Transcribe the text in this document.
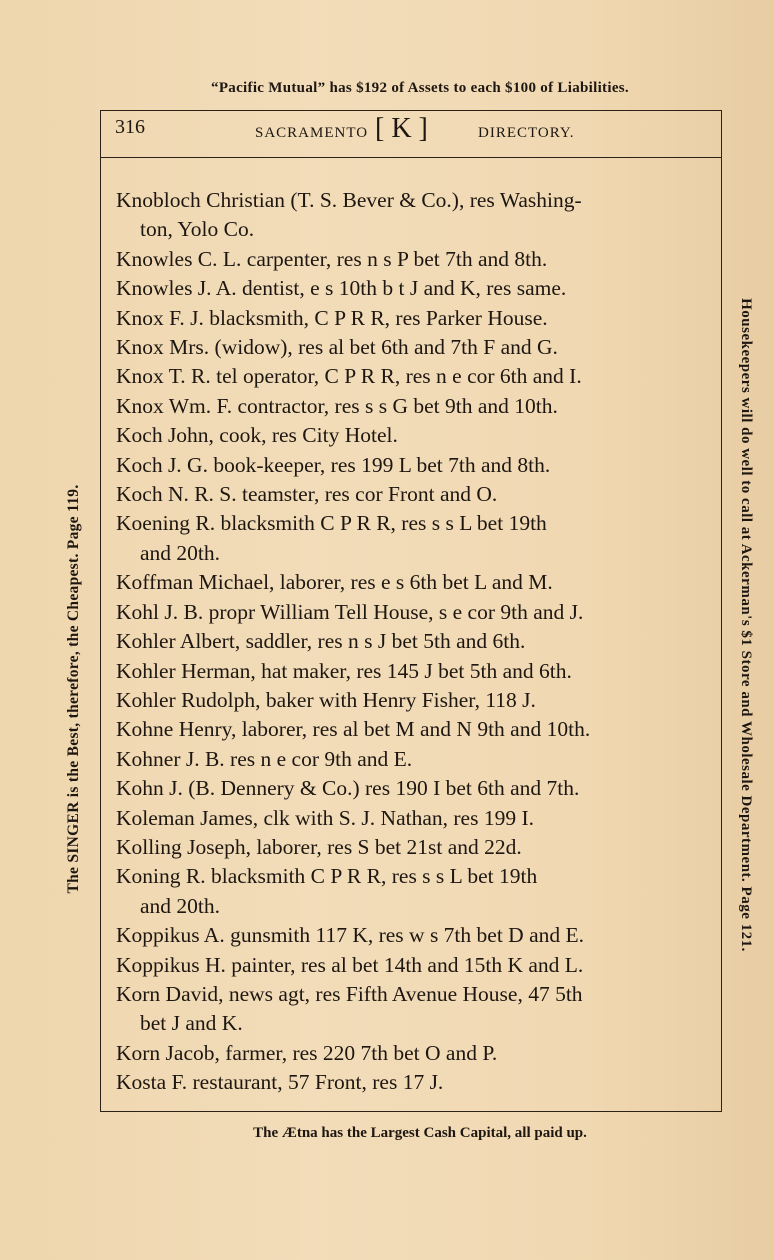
“Pacific Mutual” has $192 of Assets to each $100 of Liabilities.
The SINGER is the Best, therefore, the Cheapest. Page 119.	Housekeepers will do well to call at Ackerman's $1 Store and Wholesale Department. Page 121.
316	SACRAMENTO [ K ]	DIRECTORY.
Knobloch Christian (T. S. Bever & Co.), res Washing-
ton, Yolo Co.
Knowles C. L. carpenter, res n s P bet 7th and 8th.
Knowles J. A. dentist, e s 10th b t J and K, res same.
Knox F. J. blacksmith, C P R R, res Parker House.
Knox Mrs. (widow), res al bet 6th and 7th F and G.
Knox T. R. tel operator, C P R R, res n e cor 6th and I.
Knox Wm. F. contractor, res s s G bet 9th and 10th.
Koch John, cook, res City Hotel.
Koch J. G. book-keeper, res 199 L bet 7th and 8th.
Koch N. R. S. teamster, res cor Front and O.
Koening R. blacksmith C P R R, res s s L bet 19th
and 20th.
Koffman Michael, laborer, res e s 6th bet L and M.
Kohl J. B. propr William Tell House, s e cor 9th and J.
Kohler Albert, saddler, res n s J bet 5th and 6th.
Kohler Herman, hat maker, res 145 J bet 5th and 6th.
Kohler Rudolph, baker with Henry Fisher, 118 J.
Kohne Henry, laborer, res al bet M and N 9th and 10th.
Kohner J. B. res n e cor 9th and E.
Kohn J. (B. Dennery & Co.) res 190 I bet 6th and 7th.
Koleman James, clk with S. J. Nathan, res 199 I.
Kolling Joseph, laborer, res S bet 21st and 22d.
Koning R. blacksmith C P R R, res s s L bet 19th
and 20th.
Koppikus A. gunsmith 117 K, res w s 7th bet D and E.
Koppikus H. painter, res al bet 14th and 15th K and L.
Korn David, news agt, res Fifth Avenue House, 47 5th
bet J and K.
Korn Jacob, farmer, res 220 7th bet O and P.
Kosta F. restaurant, 57 Front, res 17 J.
The Ætna has the Largest Cash Capital, all paid up.
